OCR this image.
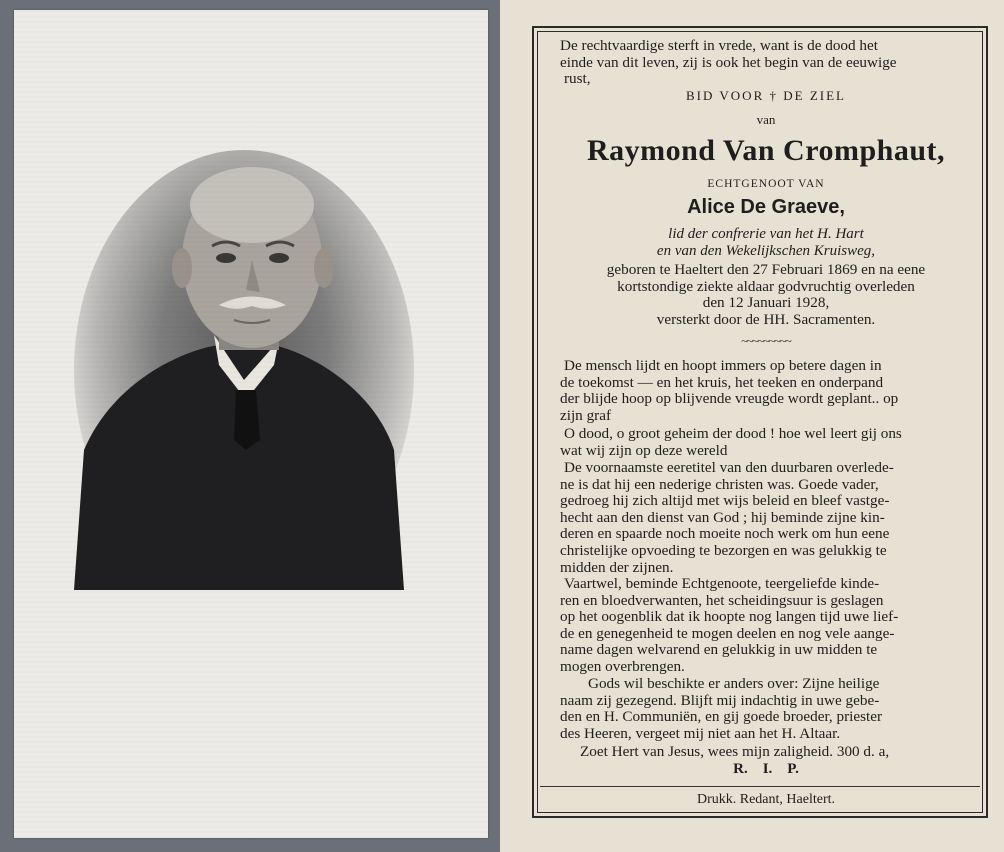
De rechtvaardige sterft in vrede, want is de dood het
einde van dit leven, zij is ook het begin van de eeuwige
rust,
BID VOOR † DE ZIEL
van
Raymond Van Cromphaut,
ECHTGENOOT VAN
Alice De Graeve,
lid der confrerie van het H. Hart
en van den Wekelijkschen Kruisweg,
geboren te Haeltert den 27 Februari 1869 en na eene
kortstondige ziekte aldaar godvruchtig overleden
den 12 Januari 1928,
versterkt door de HH. Sacramenten.
~~~~~~~~~
De mensch lijdt en hoopt immers op betere dagen in
de toekomst — en het kruis, het teeken en onderpand
der blijde hoop op blijvende vreugde wordt geplant.. op
zijn graf
O dood, o groot geheim der dood ! hoe wel leert gij ons
wat wij zijn op deze wereld
De voornaamste eeretitel van den duurbaren overlede-
ne is dat hij een nederige christen was. Goede vader,
gedroeg hij zich altijd met wijs beleid en bleef vastge-
hecht aan den dienst van God ; hij beminde zijne kin-
deren en spaarde noch moeite noch werk om hun eene
christelijke opvoeding te bezorgen en was gelukkig te
midden der zijnen.
Vaartwel, beminde Echtgenoote, teergeliefde kinde-
ren en bloedverwanten, het scheidingsuur is geslagen
op het oogenblik dat ik hoopte nog langen tijd uwe lief-
de en genegenheid te mogen deelen en nog vele aange-
name dagen welvarend en gelukkig in uw midden te
mogen overbrengen.
Gods wil beschikte er anders over: Zijne heilige
naam zij gezegend. Blijft mij indachtig in uwe gebe-
den en H. Communiën, en gij goede broeder, priester
des Heeren, vergeet mij niet aan het H. Altaar.
Zoet Hert van Jesus, wees mijn zaligheid. 300 d. a,
R.    I.    P.
Drukk. Redant, Haeltert.
